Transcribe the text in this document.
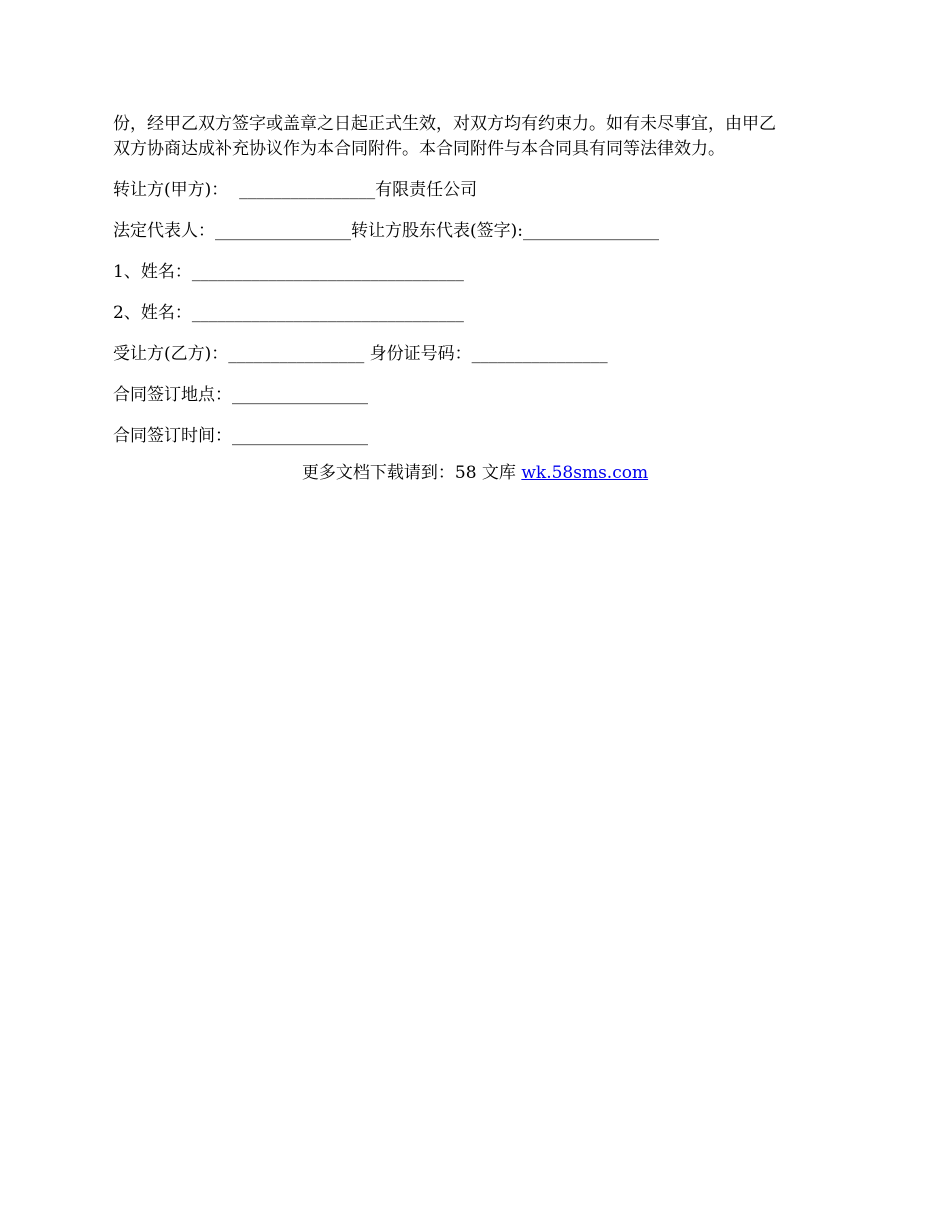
份，经甲乙双方签字或盖章之日起正式生效，对双方均有约束力。如有未尽事宜，由甲乙

双方协商达成补充协议作为本合同附件。本合同附件与本合同具有同等法律效力。

转让方(甲方)：  ________________有限责任公司

法定代表人：________________转让方股东代表(签字):________________

1、姓名：________________________________

2、姓名：________________________________

受让方(乙方)：________________ 身份证号码：________________

合同签订地点：________________

合同签订时间：________________

更多文档下载请到：58 文库 wk.58sms.com
